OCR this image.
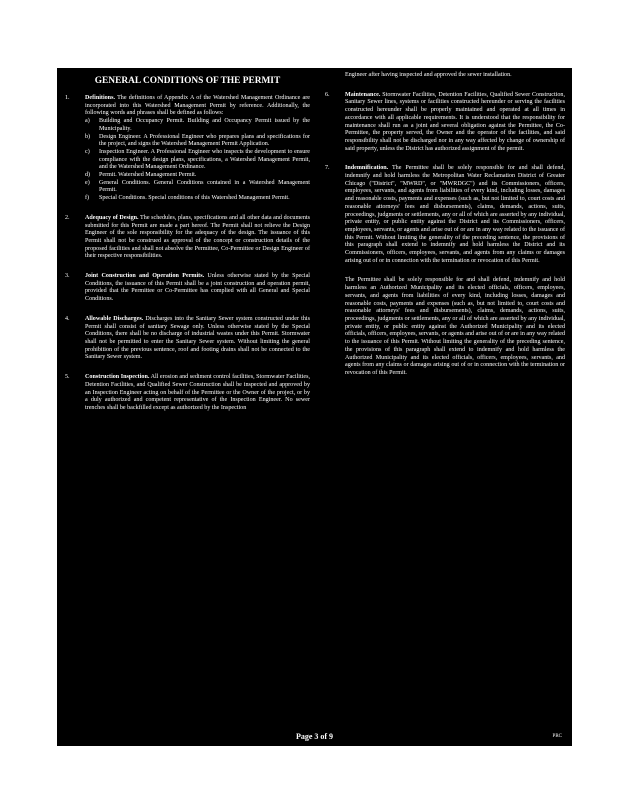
GENERAL CONDITIONS OF THE PERMIT
1.	Definitions. The definitions of Appendix A of the Watershed Management Ordinance are incorporated into this Watershed Management Permit by reference. Additionally, the following words and phrases shall be defined as follows:
a) Building and Occupancy Permit. Building and Occupancy Permit issued by the Municipality.
b) Design Engineer. A Professional Engineer who prepares plans and specifications for the project, and signs the Watershed Management Permit Application.
c) Inspection Engineer. A Professional Engineer who inspects the development to ensure compliance with the design plans, specifications, a Watershed Management Permit, and the Watershed Management Ordinance.
d) Permit. Watershed Management Permit.
e) General Conditions. General Conditions contained in a Watershed Management Permit.
f) Special Conditions. Special conditions of this Watershed Management Permit.
2.	Adequacy of Design. The schedules, plans, specifications and all other data and documents submitted for this Permit are made a part hereof. The Permit shall not relieve the Design Engineer of the sole responsibility for the adequacy of the design. The issuance of this Permit shall not be construed as approval of the concept or construction details of the proposed facilities and shall not absolve the Permittee, Co-Permittee or Design Engineer of their respective responsibilities.
3.	Joint Construction and Operation Permits. Unless otherwise stated by the Special Conditions, the issuance of this Permit shall be a joint construction and operation permit, provided that the Permittee or Co-Permittee has complied with all General and Special Conditions.
4.	Allowable Discharges. Discharges into the Sanitary Sewer system constructed under this Permit shall consist of sanitary Sewage only. Unless otherwise stated by the Special Conditions, there shall be no discharge of industrial wastes under this Permit. Stormwater shall not be permitted to enter the Sanitary Sewer system. Without limiting the general prohibition of the previous sentence, roof and footing drains shall not be connected to the Sanitary Sewer system.
5.	Construction Inspection. All erosion and sediment control facilities, Stormwater Facilities, Detention Facilities, and Qualified Sewer Construction shall be inspected and approved by an Inspection Engineer acting on behalf of the Permittee or the Owner of the project, or by a duly authorized and competent representative of the Inspection Engineer. No sewer trenches shall be backfilled except as authorized by the Inspection
Engineer after having inspected and approved the sewer installation.
6.	Maintenance. Stormwater Facilities, Detention Facilities, Qualified Sewer Construction, Sanitary Sewer lines, systems or facilities constructed hereunder or serving the facilities constructed hereunder shall be properly maintained and operated at all times in accordance with all applicable requirements. It is understood that the responsibility for maintenance shall run as a joint and several obligation against the Permittee, the Co-Permittee, the property served, the Owner and the operator of the facilities, and said responsibility shall not be discharged nor in any way affected by change of ownership of said property, unless the District has authorized assignment of the permit.
7.	Indemnification. The Permittee shall be solely responsible for and shall defend, indemnify and hold harmless the Metropolitan Water Reclamation District of Greater Chicago ("District", "MWRD", or "MWRDGC") and its Commissioners, officers, employees, servants, and agents from liabilities of every kind, including losses, damages and reasonable costs, payments and expenses (such as, but not limited to, court costs and reasonable attorneys' fees and disbursements), claims, demands, actions, suits, proceedings, judgments or settlements, any or all of which are asserted by any individual, private entity, or public entity against the District and its Commissioners, officers, employees, servants, or agents and arise out of or are in any way related to the issuance of this Permit. Without limiting the generality of the preceding sentence, the provisions of this paragraph shall extend to indemnify and hold harmless the District and its Commissioners, officers, employees, servants, and agents from any claims or damages arising out of or in connection with the termination or revocation of this Permit.
The Permittee shall be solely responsible for and shall defend, indemnify and hold harmless an Authorized Municipality and its elected officials, officers, employees, servants, and agents from liabilities of every kind, including losses, damages and reasonable costs, payments and expenses (such as, but not limited to, court costs and reasonable attorneys' fees and disbursements), claims, demands, actions, suits, proceedings, judgments or settlements, any or all of which are asserted by any individual, private entity, or public entity against the Authorized Municipality and its elected officials, officers, employees, servants, or agents and arise out of or are in any way related to the issuance of this Permit. Without limiting the generality of the preceding sentence, the provisions of this paragraph shall extend to indemnify and hold harmless the Authorized Municipality and its elected officials, officers, employees, servants, and agents from any claims or damages arising out of or in connection with the termination or revocation of this Permit.
Page 3 of 9	PRC
